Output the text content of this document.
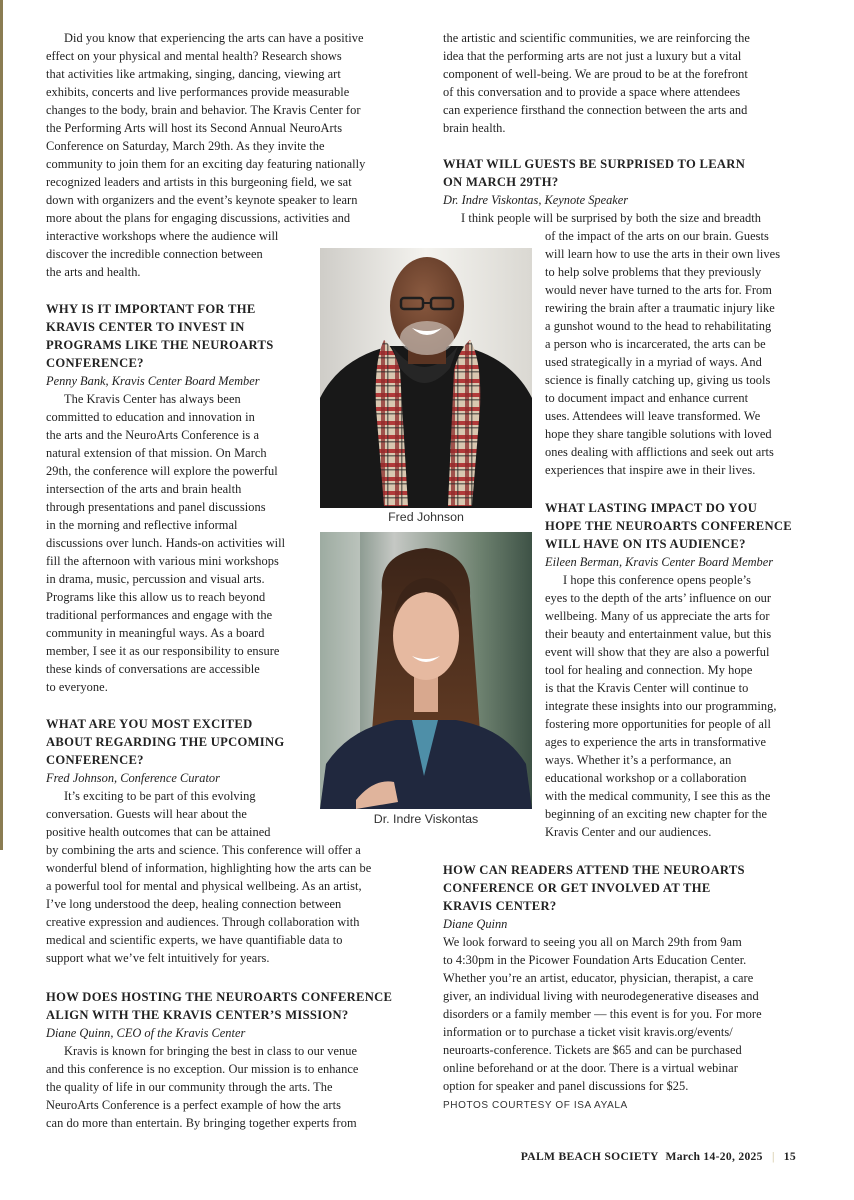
Did you know that experiencing the arts can have a positive
effect on your physical and mental health? Research shows
that activities like artmaking, singing, dancing, viewing art
exhibits, concerts and live performances provide measurable
changes to the body, brain and behavior. The Kravis Center for
the Performing Arts will host its Second Annual NeuroArts
Conference on Saturday, March 29th. As they invite the
community to join them for an exciting day featuring nationally
recognized leaders and artists in this burgeoning field, we sat
down with organizers and the event’s keynote speaker to learn
more about the plans for engaging discussions, activities and
interactive workshops where the audience will
discover the incredible connection between
the arts and health.
WHY IS IT IMPORTANT FOR THE
KRAVIS CENTER TO INVEST IN
PROGRAMS LIKE THE NEUROARTS
CONFERENCE?
Penny Bank, Kravis Center Board Member
The Kravis Center has always been
committed to education and innovation in
the arts and the NeuroArts Conference is a
natural extension of that mission. On March
29th, the conference will explore the powerful
intersection of the arts and brain health
through presentations and panel discussions
in the morning and reflective informal
discussions over lunch. Hands-on activities will
fill the afternoon with various mini workshops
in drama, music, percussion and visual arts.
Programs like this allow us to reach beyond
traditional performances and engage with the
community in meaningful ways. As a board
member, I see it as our responsibility to ensure
these kinds of conversations are accessible
to everyone.
WHAT ARE YOU MOST EXCITED
ABOUT REGARDING THE UPCOMING
CONFERENCE?
Fred Johnson, Conference Curator
It’s exciting to be part of this evolving
conversation. Guests will hear about the
positive health outcomes that can be attained
by combining the arts and science. This conference will offer a
wonderful blend of information, highlighting how the arts can be
a powerful tool for mental and physical wellbeing. As an artist,
I’ve long understood the deep, healing connection between
creative expression and audiences. Through collaboration with
medical and scientific experts, we have quantifiable data to
support what we’ve felt intuitively for years.
HOW DOES HOSTING THE NEUROARTS CONFERENCE
ALIGN WITH THE KRAVIS CENTER’S MISSION?
Diane Quinn, CEO of the Kravis Center
Kravis is known for bringing the best in class to our venue
and this conference is no exception. Our mission is to enhance
the quality of life in our community through the arts. The
NeuroArts Conference is a perfect example of how the arts
can do more than entertain. By bringing together experts from
the artistic and scientific communities, we are reinforcing the
idea that the performing arts are not just a luxury but a vital
component of well-being. We are proud to be at the forefront
of this conversation and to provide a space where attendees
can experience firsthand the connection between the arts and
brain health.
WHAT WILL GUESTS BE SURPRISED TO LEARN
ON MARCH 29TH?
Dr. Indre Viskontas, Keynote Speaker
I think people will be surprised by both the size and breadth
of the impact of the arts on our brain. Guests
will learn how to use the arts in their own lives
to help solve problems that they previously
would never have turned to the arts for. From
rewiring the brain after a traumatic injury like
a gunshot wound to the head to rehabilitating
a person who is incarcerated, the arts can be
used strategically in a myriad of ways. And
science is finally catching up, giving us tools
to document impact and enhance current
uses. Attendees will leave transformed. We
hope they share tangible solutions with loved
ones dealing with afflictions and seek out arts
experiences that inspire awe in their lives.
WHAT LASTING IMPACT DO YOU
HOPE THE NEUROARTS CONFERENCE
WILL HAVE ON ITS AUDIENCE?
Eileen Berman, Kravis Center Board Member
I hope this conference opens people’s
eyes to the depth of the arts’ influence on our
wellbeing. Many of us appreciate the arts for
their beauty and entertainment value, but this
event will show that they are also a powerful
tool for healing and connection. My hope
is that the Kravis Center will continue to
integrate these insights into our programming,
fostering more opportunities for people of all
ages to experience the arts in transformative
ways. Whether it’s a performance, an
educational workshop or a collaboration
with the medical community, I see this as the
beginning of an exciting new chapter for the
Kravis Center and our audiences.
HOW CAN READERS ATTEND THE NEUROARTS
CONFERENCE OR GET INVOLVED AT THE
KRAVIS CENTER?
Diane Quinn
We look forward to seeing you all on March 29th from 9am
to 4:30pm in the Picower Foundation Arts Education Center.
Whether you’re an artist, educator, physician, therapist, a care
giver, an individual living with neurodegenerative diseases and
disorders or a family member — this event is for you. For more
information or to purchase a ticket visit kravis.org/events/
neuroarts-conference. Tickets are $65 and can be purchased
online beforehand or at the door. There is a virtual webinar
option for speaker and panel discussions for $25.
PHOTOS COURTESY OF ISA AYALA
Fred Johnson
Dr. Indre Viskontas
PALM BEACH SOCIETY March 14-20, 2025 | 15
